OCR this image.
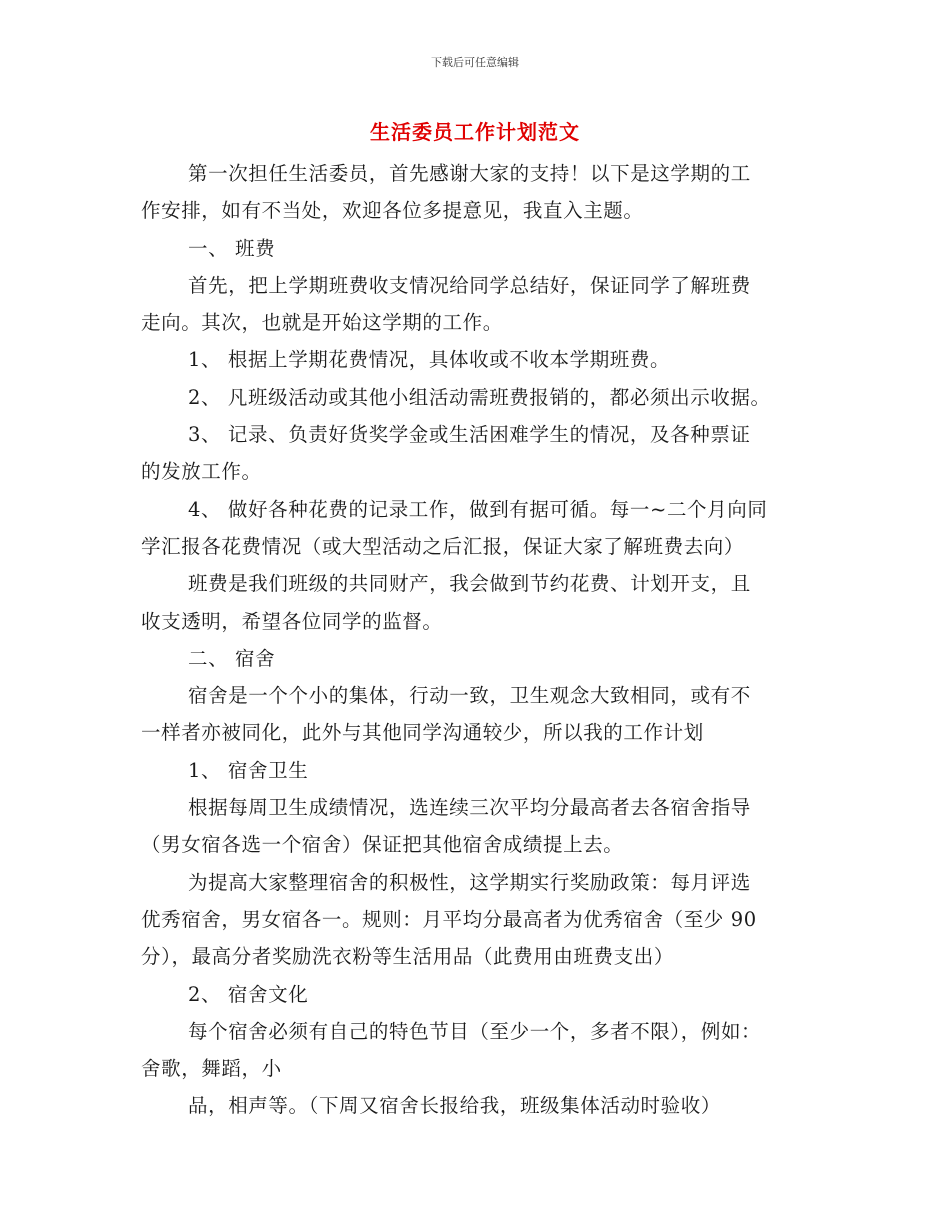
下载后可任意编辑
生活委员工作计划范文
第一次担任生活委员，首先感谢大家的支持！以下是这学期的工
作安排，如有不当处，欢迎各位多提意见，我直入主题。
一、 班费
首先，把上学期班费收支情况给同学总结好，保证同学了解班费
走向。其次，也就是开始这学期的工作。
1、 根据上学期花费情况，具体收或不收本学期班费。
2、 凡班级活动或其他小组活动需班费报销的，都必须出示收据。
3、 记录、负责好货奖学金或生活困难学生的情况，及各种票证
的发放工作。
4、 做好各种花费的记录工作，做到有据可循。每一~二个月向同
学汇报各花费情况（或大型活动之后汇报，保证大家了解班费去向）
班费是我们班级的共同财产，我会做到节约花费、计划开支，且
收支透明，希望各位同学的监督。
二、 宿舍
宿舍是一个个小的集体，行动一致，卫生观念大致相同，或有不
一样者亦被同化，此外与其他同学沟通较少，所以我的工作计划
1、 宿舍卫生
根据每周卫生成绩情况，选连续三次平均分最高者去各宿舍指导
（男女宿各选一个宿舍）保证把其他宿舍成绩提上去。
为提高大家整理宿舍的积极性，这学期实行奖励政策：每月评选
优秀宿舍，男女宿各一。规则：月平均分最高者为优秀宿舍（至少 90
分），最高分者奖励洗衣粉等生活用品（此费用由班费支出）
2、 宿舍文化
每个宿舍必须有自己的特色节目（至少一个，多者不限），例如：
舍歌，舞蹈，小
品，相声等。（下周又宿舍长报给我，班级集体活动时验收）
